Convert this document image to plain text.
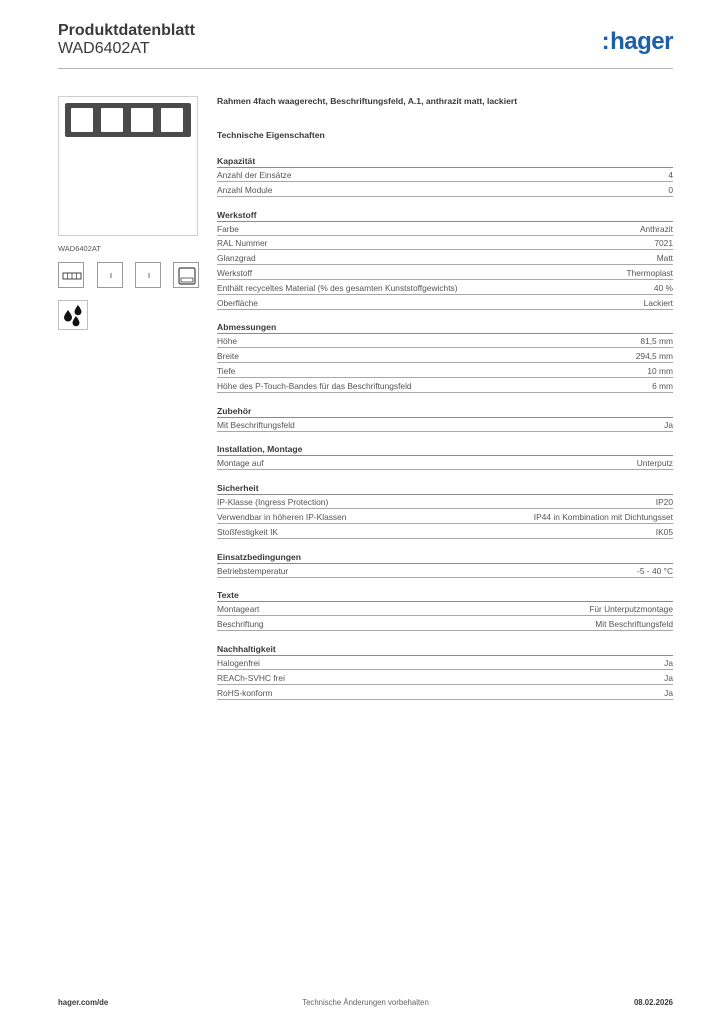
Produktdatenblatt
WAD6402AT	:hager
WAD6402AT
Rahmen 4fach waagerecht, Beschriftungsfeld, A.1, anthrazit matt, lackiert
Technische Eigenschaften
Kapazität
Anzahl der Einsätze	4
Anzahl Module	0
Werkstoff
Farbe	Anthrazit
RAL Nummer	7021
Glanzgrad	Matt
Werkstoff	Thermoplast
Enthält recyceltes Material (% des gesamten Kunststoffgewichts)	40 %
Oberfläche	Lackiert
Abmessungen
Höhe	81,5 mm
Breite	294,5 mm
Tiefe	10 mm
Höhe des P-Touch-Bandes für das Beschriftungsfeld	6 mm
Zubehör
Mit Beschriftungsfeld	Ja
Installation, Montage
Montage auf	Unterputz
Sicherheit
IP-Klasse (Ingress Protection)	IP20
Verwendbar in höheren IP-Klassen	IP44 in Kombination mit Dichtungsset
Stoßfestigkeit IK	IK05
Einsatzbedingungen
Betriebstemperatur	-5 - 40 °C
Texte
Montageart	Für Unterputzmontage
Beschriftung	Mit Beschriftungsfeld
Nachhaltigkeit
Halogenfrei	Ja
REACh-SVHC frei	Ja
RoHS-konform	Ja
hager.com/de	Technische Änderungen vorbehalten	08.02.2026
